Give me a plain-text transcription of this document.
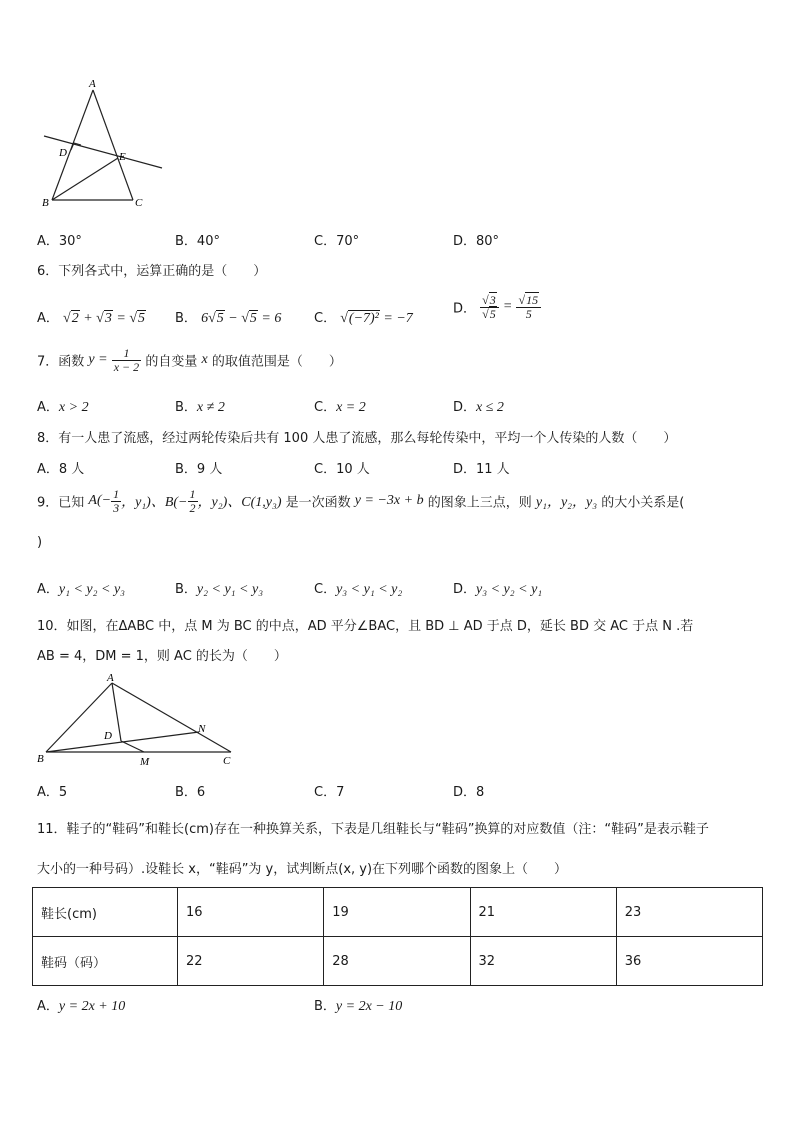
A
D	E
B	C
A．30°	B．40°	C．70°	D．80°
6．下列各式中，运算正确的是（　　）
A． √2 + √3 = √5 B． 6√5 − √5 = 6	C． √(−7)² = −7
D． $\frac{√3}{√5} = \frac{√15}{5}$
7．函数 $y = \frac{1}{x - 2}$ 的自变量 x 的取值范围是（　　）
A．x > 2	B．x ≠ 2	C．x = 2	D．x ≤ 2
8．有一人患了流感，经过两轮传染后共有 100 人患了流感，那么每轮传染中，平均一个人传染的人数（　　）
A．8 人	B．9 人	C．10 人	D．11 人
9．已知 $A(- \frac{1}{3}$ ，y₁)、$B(- \frac{1}{2}$ ，y₂)、C(1,y₃) 是一次函数 y = −3x + b 的图象上三点，则 y₁，y₂，y₃ 的大小关系是(
)
A．y₁ < y₂ < y₃	B．y₂ < y₁ < y₃	C．y₃ < y₁ < y₂	D．y₃ < y₂ < y₁
10．如图，在ΔABC 中，点 M 为 BC 的中点，AD 平分∠BAC，且 BD ⊥ AD 于点 D，延长 BD 交 AC 于点 N .若
AB = 4，DM = 1，则 AC 的长为（　　）
A
D
N
B	M	C
A．5	B．6	C．7	D．8
11．鞋子的“鞋码”和鞋长(cm)存在一种换算关系，下表是几组鞋长与“鞋码”换算的对应数值（注：“鞋码”是表示鞋子
大小的一种号码）.设鞋长 x，“鞋码”为 y，试判断点(x, y)在下列哪个函数的图象上（　　）
鞋长(cm)	16	19	21	23
鞋码（码）	22	28	32	36
A．y = 2x + 10	B．y = 2x − 10
